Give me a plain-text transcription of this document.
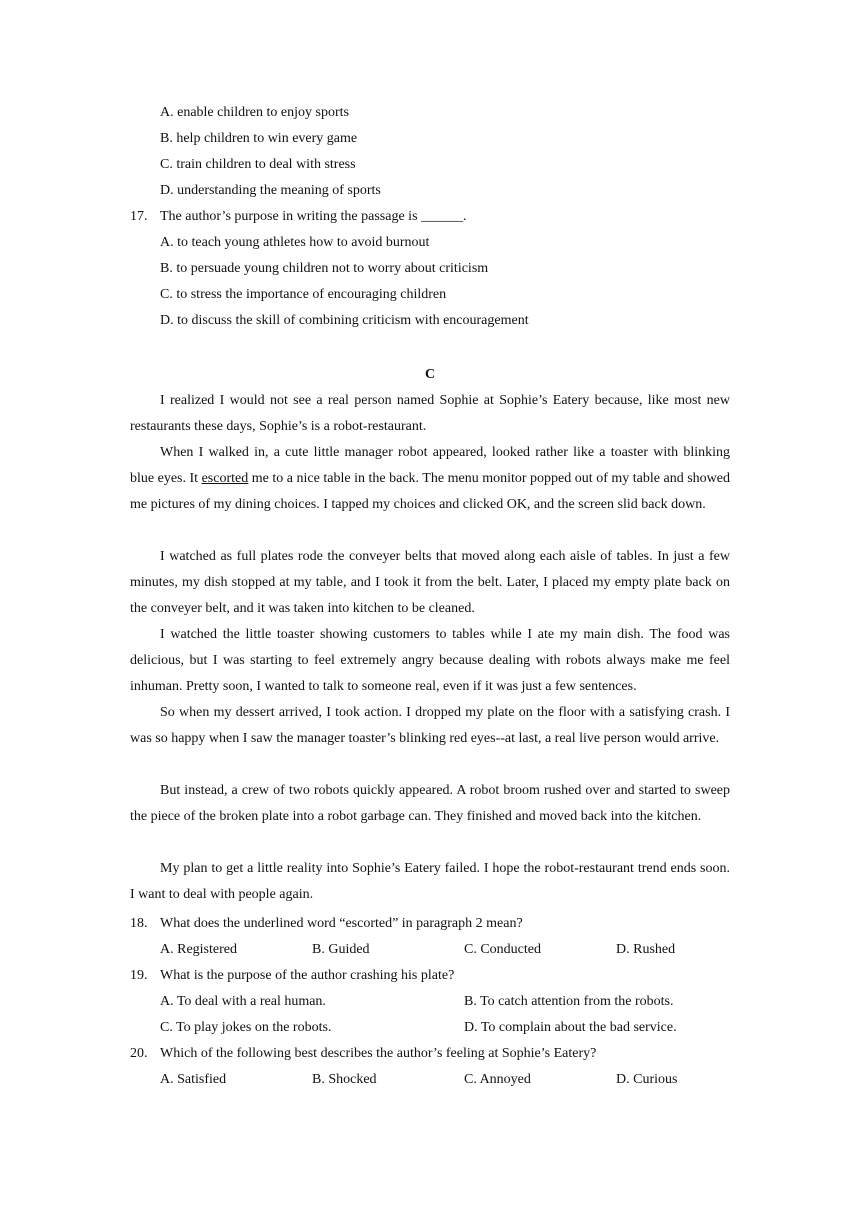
A. enable children to enjoy sports
B. help children to win every game
C. train children to deal with stress
D. understanding the meaning of sports
17. The author’s purpose in writing the passage is ______.
A. to teach young athletes how to avoid burnout
B. to persuade young children not to worry about criticism
C. to stress the importance of encouraging children
D. to discuss the skill of combining criticism with encouragement
C

I realized I would not see a real person named Sophie at Sophie’s Eatery because, like most new restaurants these days, Sophie’s is a robot-restaurant.

When I walked in, a cute little manager robot appeared, looked rather like a toaster with blinking blue eyes. It escorted me to a nice table in the back. The menu monitor popped out of my table and showed me pictures of my dining choices. I tapped my choices and clicked OK, and the screen slid back down.

I watched as full plates rode the conveyer belts that moved along each aisle of tables. In just a few minutes, my dish stopped at my table, and I took it from the belt. Later, I placed my empty plate back on the conveyer belt, and it was taken into kitchen to be cleaned.

I watched the little toaster showing customers to tables while I ate my main dish. The food was delicious, but I was starting to feel extremely angry because dealing with robots always make me feel inhuman. Pretty soon, I wanted to talk to someone real, even if it was just a few sentences.

So when my dessert arrived, I took action. I dropped my plate on the floor with a satisfying crash. I was so happy when I saw the manager toaster’s blinking red eyes--at last, a real live person would arrive.

But instead, a crew of two robots quickly appeared. A robot broom rushed over and started to sweep the piece of the broken plate into a robot garbage can. They finished and moved back into the kitchen.

My plan to get a little reality into Sophie’s Eatery failed. I hope the robot-restaurant trend ends soon. I want to deal with people again.

18. What does the underlined word “escorted” in paragraph 2 mean?
A. Registered	B. Guided	C. Conducted	D. Rushed
19. What is the purpose of the author crashing his plate?
A. To deal with a real human.	B. To catch attention from the robots.
C. To play jokes on the robots.	D. To complain about the bad service.
20. Which of the following best describes the author’s feeling at Sophie’s Eatery?
A. Satisfied	B. Shocked	C. Annoyed	D. Curious
